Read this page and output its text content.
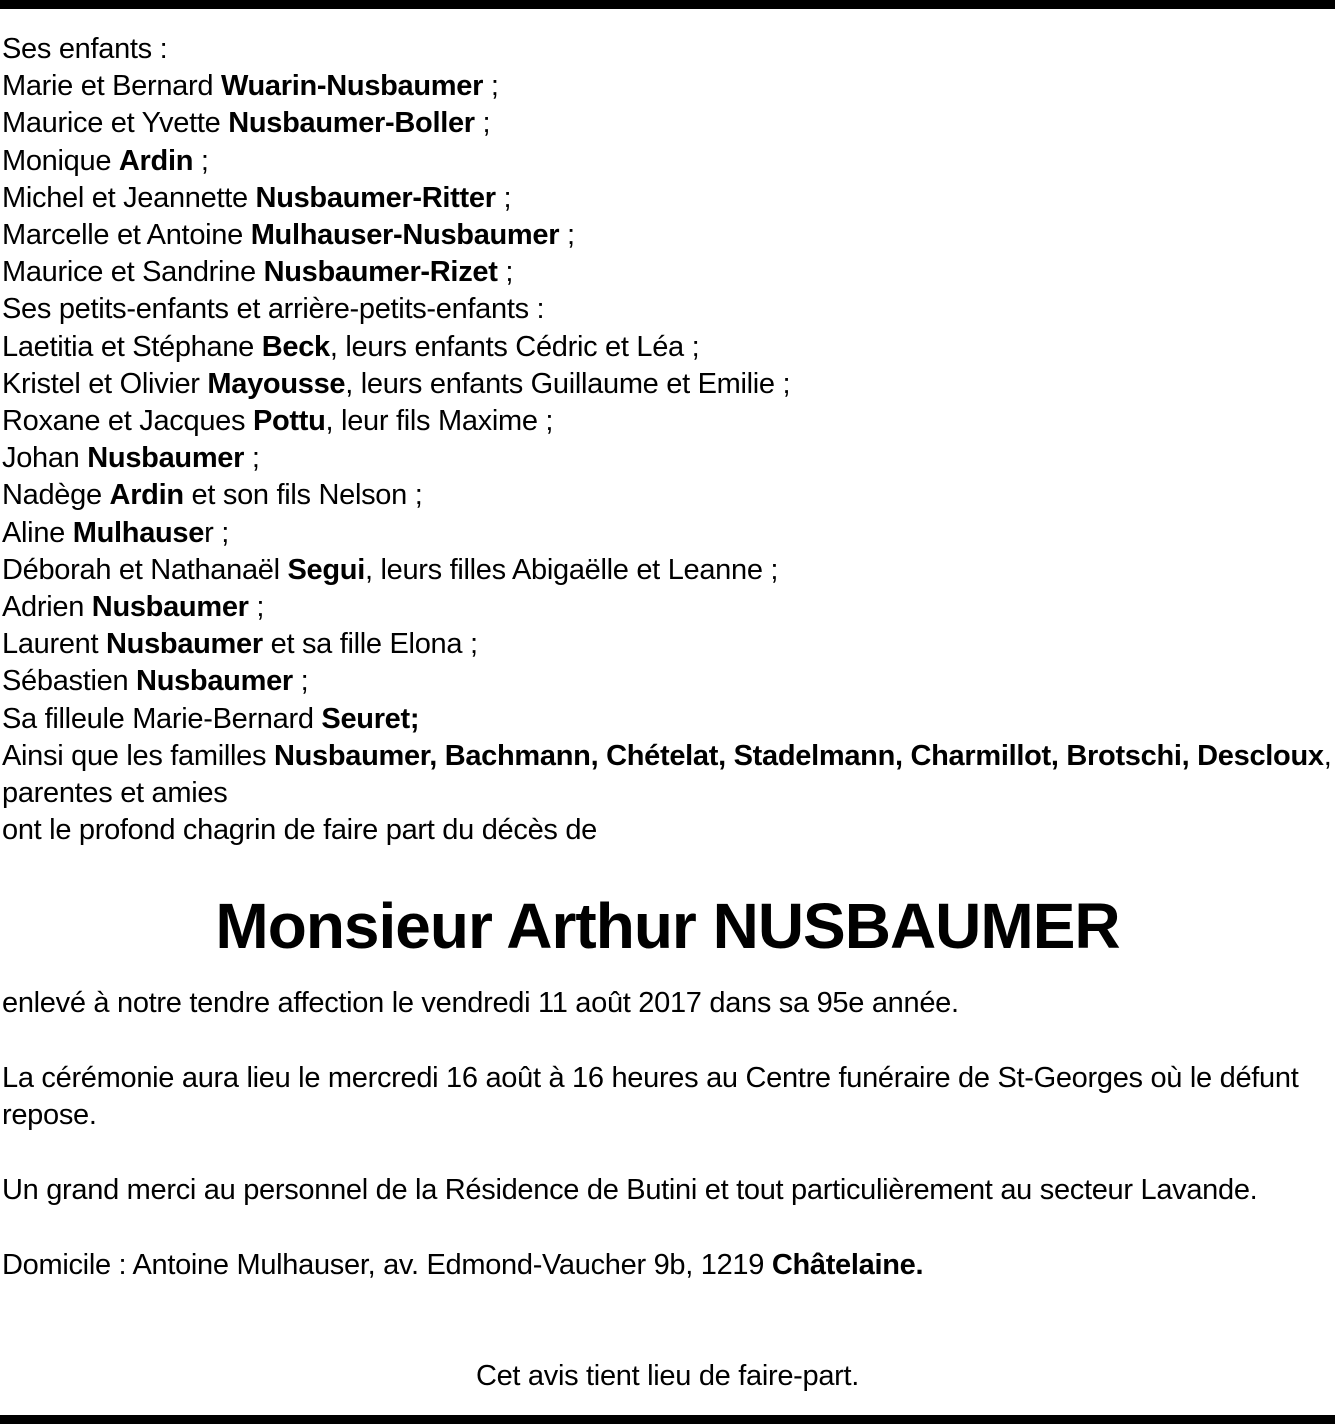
Ses enfants :
Marie et Bernard Wuarin-Nusbaumer ;
Maurice et Yvette Nusbaumer-Boller ;
Monique Ardin ;
Michel et Jeannette Nusbaumer-Ritter ;
Marcelle et Antoine Mulhauser-Nusbaumer ;
Maurice et Sandrine Nusbaumer-Rizet ;
Ses petits-enfants et arrière-petits-enfants :
Laetitia et Stéphane Beck, leurs enfants Cédric et Léa ;
Kristel et Olivier Mayousse, leurs enfants Guillaume et Emilie ;
Roxane et Jacques Pottu, leur fils Maxime ;
Johan Nusbaumer ;
Nadège Ardin et son fils Nelson ;
Aline Mulhauser ;
Déborah et Nathanaël Segui, leurs filles Abigaëlle et Leanne ;
Adrien Nusbaumer ;
Laurent Nusbaumer et sa fille Elona ;
Sébastien Nusbaumer ;
Sa filleule Marie-Bernard Seuret;
Ainsi que les familles Nusbaumer, Bachmann, Chételat, Stadelmann, Charmillot, Brotschi, Descloux, parentes et amies
ont le profond chagrin de faire part du décès de
Monsieur Arthur NUSBAUMER

enlevé à notre tendre affection le vendredi 11 août 2017 dans sa 95e année.

La cérémonie aura lieu le mercredi 16 août à 16 heures au Centre funéraire de St-Georges où le défunt repose.

Un grand merci au personnel de la Résidence de Butini et tout particulièrement au secteur Lavande.

Domicile : Antoine Mulhauser, av. Edmond-Vaucher 9b, 1219 Châtelaine.

Cet avis tient lieu de faire-part.
